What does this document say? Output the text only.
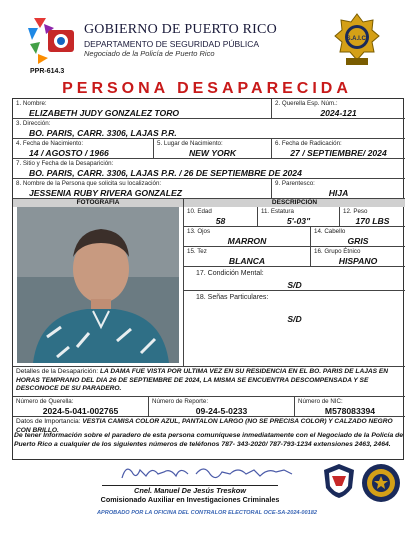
GOBIERNO DE PUERTO RICO
DEPARTAMENTO DE SEGURIDAD PÚBLICA
Negociado de la Policía de Puerto Rico
PPR-614.3
S.A.I.C.
PERSONA DESAPARECIDA
1. Nombre:
ELIZABETH JUDY GONZALEZ TORO
2. Querella Esp. Núm.:
2024-121
3. Dirección:
BO. PARIS, CARR. 3306, LAJAS P.R.
4. Fecha de Nacimiento:
14 / AGOSTO / 1966
5. Lugar de Nacimiento:
NEW YORK
6. Fecha de Radicación:
27 / SEPTIEMBRE/ 2024
7. Sitio y Fecha de la Desaparición:
BO. PARIS, CARR. 3306, LAJAS P.R. / 26 DE SEPTIEMBRE DE 2024
8. Nombre de la Persona que solicita su localización:
JESSENIA RUBY RIVERA GONZALEZ
9. Parentesco:
HIJA
FOTOGRAFÍA	DESCRIPCIÓN
10. Edad
58
11. Estatura
5'-03"
12. Peso
170 LBS
13. Ojos
MARRON
14. Cabello
GRIS
15. Tez
BLANCA
16. Grupo Étnico
HISPANO
17. Condición Mental:
S/D
18. Señas Particulares:
S/D
Detalles de la Desaparición: LA DAMA FUE VISTA POR ULTIMA VEZ EN SU RESIDENCIA EN EL BO. PARIS DE LAJAS EN HORAS TEMPRANO DEL DIA 26 DE SEPTIEMBRE DE 2024, LA MISMA SE ENCUENTRA DESCOMPENSADA Y SE DESCONOCE DE SU PARADERO.
Número de Querella:
2024-5-041-002765
Número de Reporte:
09-24-5-0233
Número de NIC:
M578083394
Datos de Importancia: VESTIA CAMISA COLOR AZUL, PANTALON LARGO (NO SE PRECISA COLOR) Y CALZADO NEGRO CON BRILLO.
De tener Información sobre el paradero de esta persona comuníquese inmediatamente con el Negociado de la Policía de Puerto Rico a cualquier de los siguientes números de teléfonos 787- 343-2020/ 787-793-1234 extensiones 2463, 2464.
Cnel. Manuel De Jesús Treskow
Comisionado Auxiliar en Investigaciones Criminales
APROBADO POR LA OFICINA DEL CONTRALOR ELECTORAL OCE-SA-2024-00182
